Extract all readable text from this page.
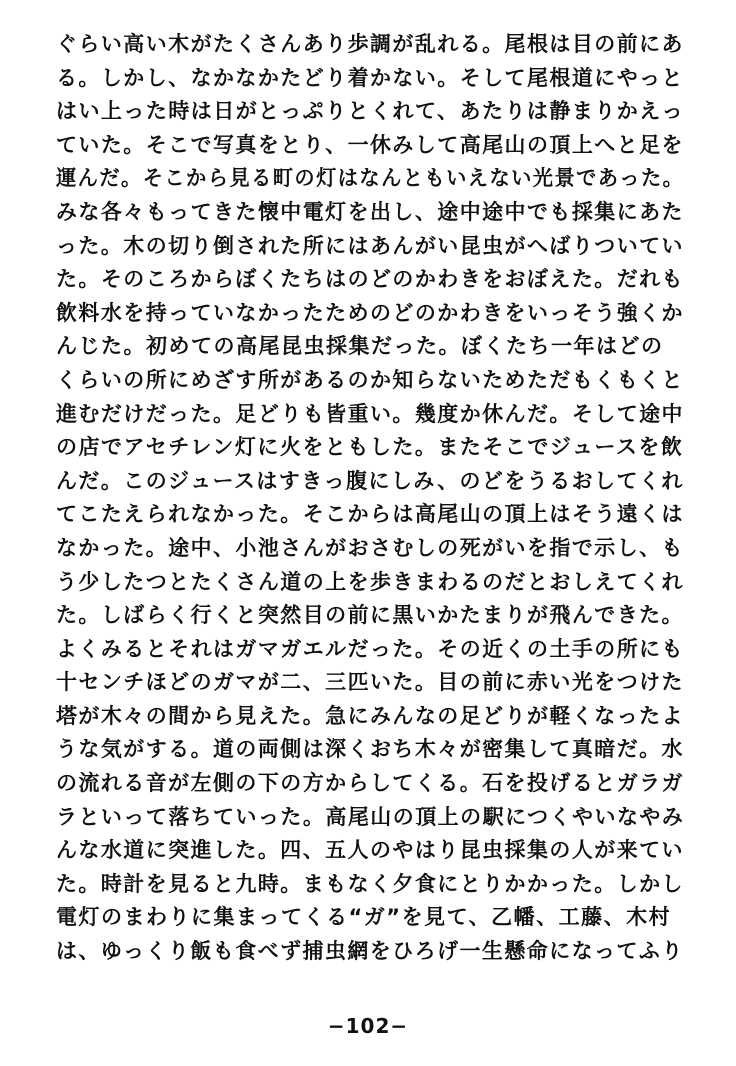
ぐらい高い木がたくさんあり歩調が乱れる。尾根は目の前にあ
る。しかし、なかなかたどり着かない。そして尾根道にやっと
はい上った時は日がとっぷりとくれて、あたりは静まりかえっ
ていた。そこで写真をとり、一休みして高尾山の頂上へと足を
運んだ。そこから見る町の灯はなんともいえない光景であった。
みな各々もってきた懐中電灯を出し、途中途中でも採集にあた
った。木の切り倒された所にはあんがい昆虫がへばりついてい
た。そのころからぼくたちはのどのかわきをおぼえた。だれも
飲料水を持っていなかったためのどのかわきをいっそう強くか
んじた。初めての高尾昆虫採集だった。ぼくたち一年はどの
くらいの所にめざす所があるのか知らないためただもくもくと
進むだけだった。足どりも皆重い。幾度か休んだ。そして途中
の店でアセチレン灯に火をともした。またそこでジュースを飲
んだ。このジュースはすきっ腹にしみ、のどをうるおしてくれ
てこたえられなかった。そこからは高尾山の頂上はそう遠くは
なかった。途中、小池さんがおさむしの死がいを指で示し、も
う少したつとたくさん道の上を歩きまわるのだとおしえてくれ
た。しばらく行くと突然目の前に黒いかたまりが飛んできた。
よくみるとそれはガマガエルだった。その近くの土手の所にも
十センチほどのガマが二、三匹いた。目の前に赤い光をつけた
塔が木々の間から見えた。急にみんなの足どりが軽くなったよ
うな気がする。道の両側は深くおち木々が密集して真暗だ。水
の流れる音が左側の下の方からしてくる。石を投げるとガラガ
ラといって落ちていった。高尾山の頂上の駅につくやいなやみ
んな水道に突進した。四、五人のやはり昆虫採集の人が来てい
た。時計を見ると九時。まもなく夕食にとりかかった。しかし
電灯のまわりに集まってくる“ガ”を見て、乙幡、工藤、木村
は、ゆっくり飯も食べず捕虫網をひろげ一生懸命になってふり
−102−
